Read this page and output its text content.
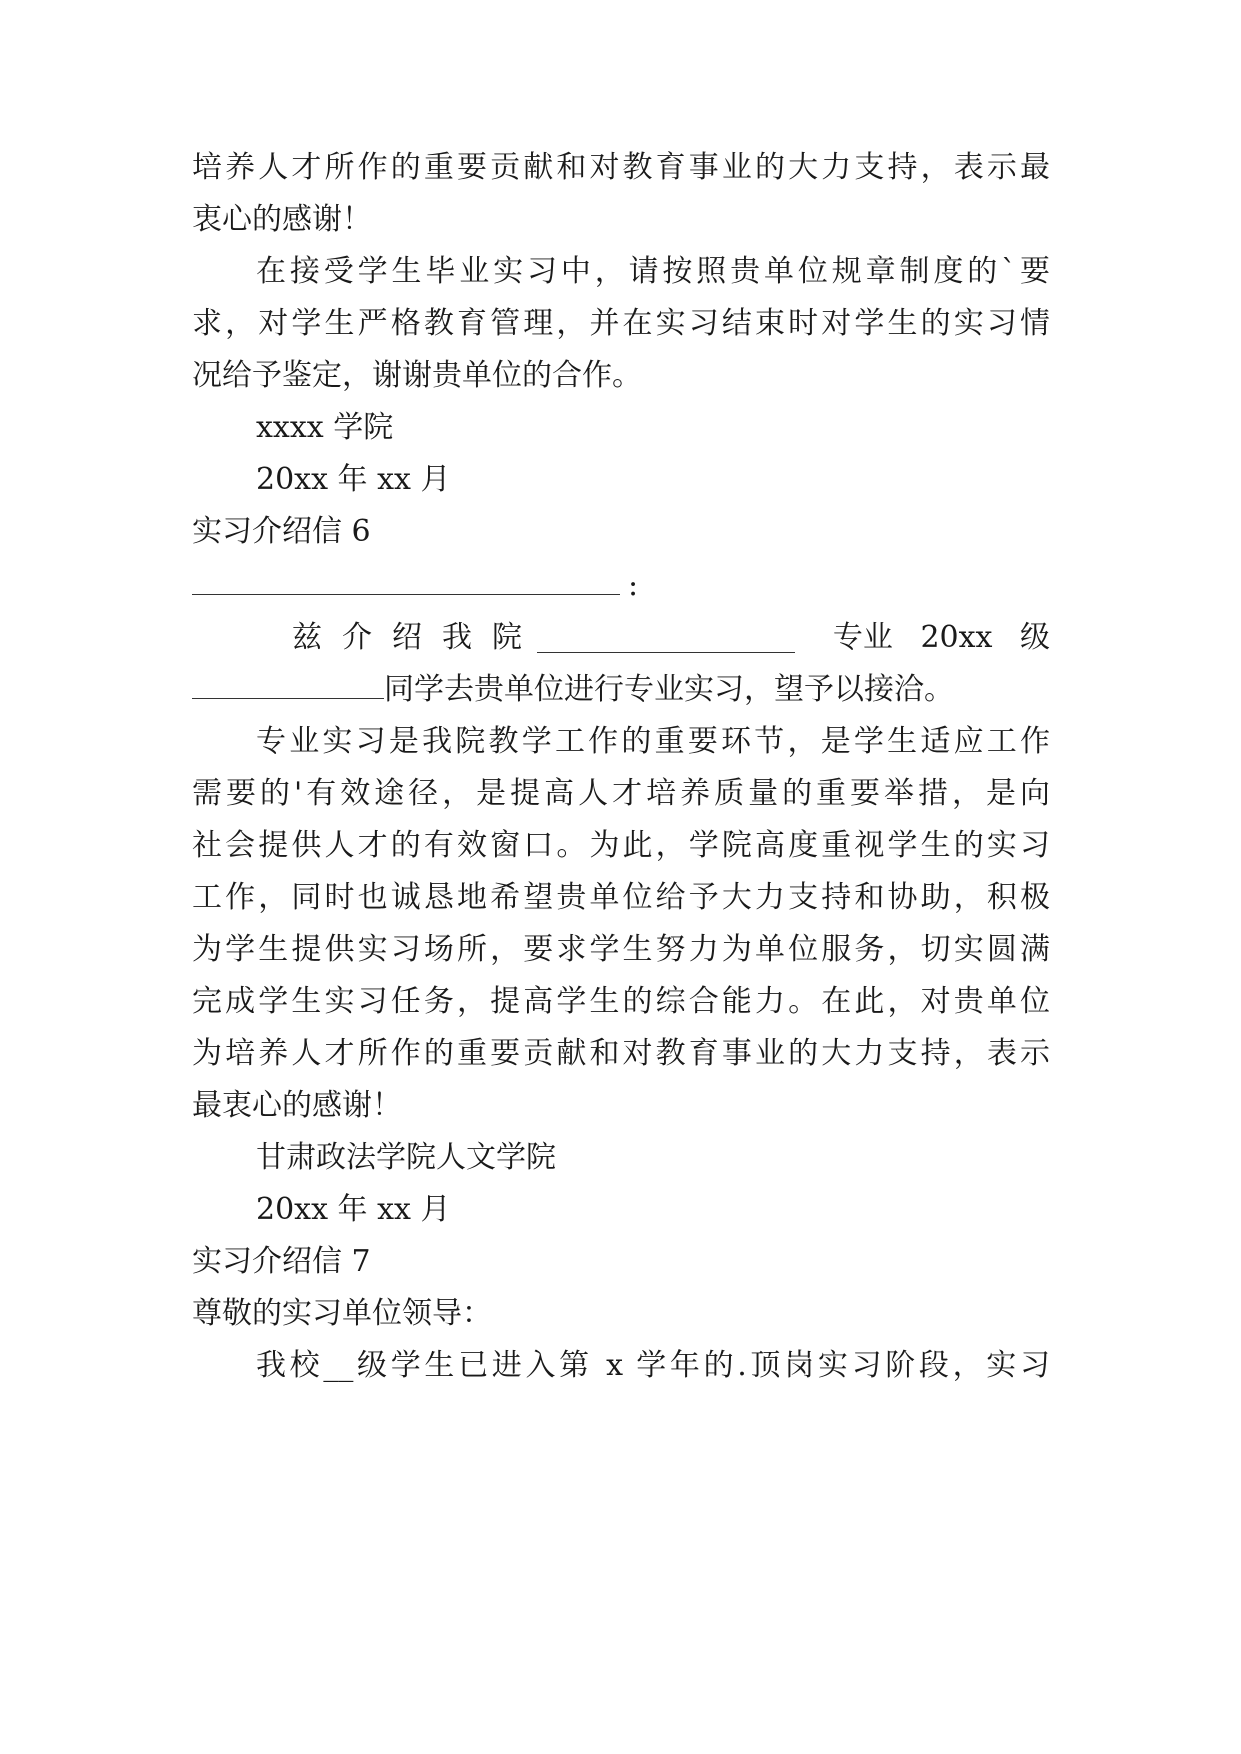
培养人才所作的重要贡献和对教育事业的大力支持，表示最
衷心的感谢！
在接受学生毕业实习中，请按照贵单位规章制度的`要
求，对学生严格教育管理，并在实习结束时对学生的实习情
况给予鉴定，谢谢贵单位的合作。
xxxx 学院
20xx 年 xx 月
实习介绍信 6
:
兹介绍我院	专业 20xx 级
同学去贵单位进行专业实习，望予以接洽。
专业实习是我院教学工作的重要环节，是学生适应工作
需要的'有效途径，是提高人才培养质量的重要举措，是向
社会提供人才的有效窗口。为此，学院高度重视学生的实习
工作，同时也诚恳地希望贵单位给予大力支持和协助，积极
为学生提供实习场所，要求学生努力为单位服务，切实圆满
完成学生实习任务，提高学生的综合能力。在此，对贵单位
为培养人才所作的重要贡献和对教育事业的大力支持，表示
最衷心的感谢！
甘肃政法学院人文学院
20xx 年 xx 月
实习介绍信 7
尊敬的实习单位领导：
我校__级学生已进入第 x 学年的.顶岗实习阶段，实习
